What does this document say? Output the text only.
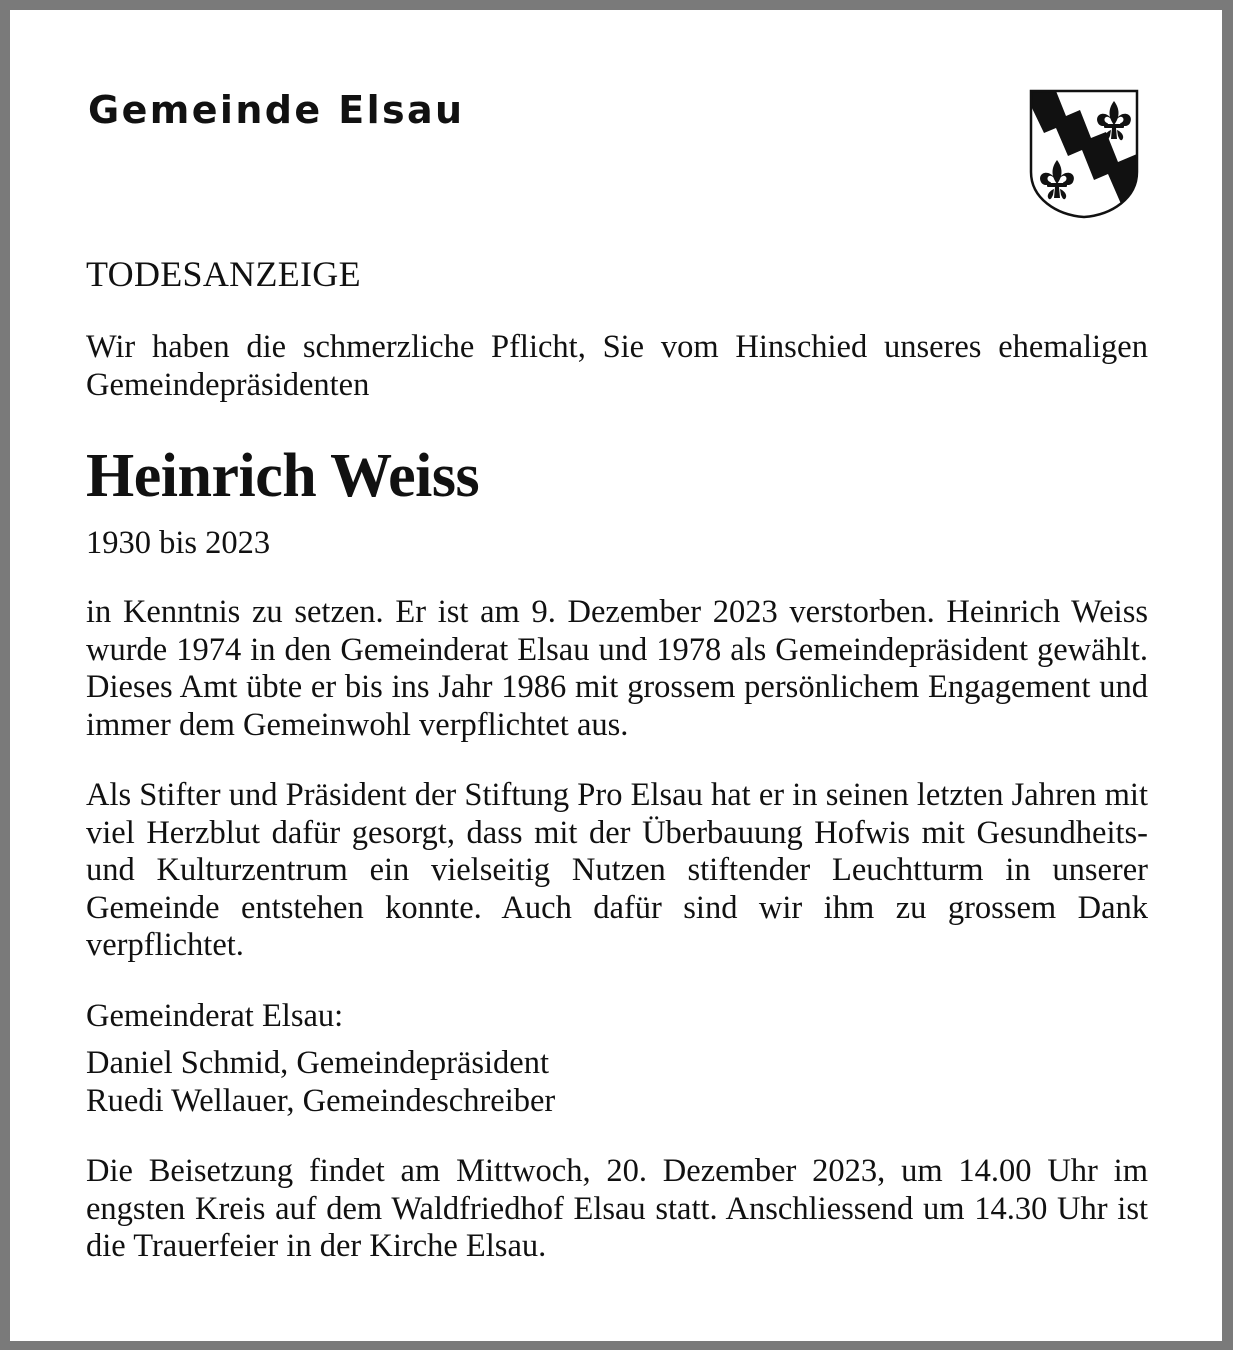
Gemeinde Elsau
TODESANZEIGE

Wir haben die schmerzliche Pflicht, Sie vom Hinschied unseres ehemaligen Gemeindepräsidenten

Heinrich Weiss

1930 bis 2023

in Kenntnis zu setzen. Er ist am 9. Dezember 2023 verstorben. Heinrich Weiss wurde 1974 in den Gemeinderat Elsau und 1978 als Gemeindepräsident gewählt. Dieses Amt übte er bis ins Jahr 1986 mit grossem persönlichem Engagement und immer dem Gemeinwohl verpflichtet aus.

Als Stifter und Präsident der Stiftung Pro Elsau hat er in seinen letzten Jahren mit viel Herzblut dafür gesorgt, dass mit der Überbauung Hofwis mit Gesundheits- und Kulturzentrum ein vielseitig Nutzen stiftender Leuchtturm in unserer Gemeinde entstehen konnte. Auch dafür sind wir ihm zu grossem Dank verpflichtet.

Gemeinderat Elsau:

Daniel Schmid, Gemeindepräsident
Ruedi Wellauer, Gemeindeschreiber

Die Beisetzung findet am Mittwoch, 20. Dezember 2023, um 14.00 Uhr im engsten Kreis auf dem Waldfriedhof Elsau statt. Anschliessend um 14.30 Uhr ist die Trauerfeier in der Kirche Elsau.
